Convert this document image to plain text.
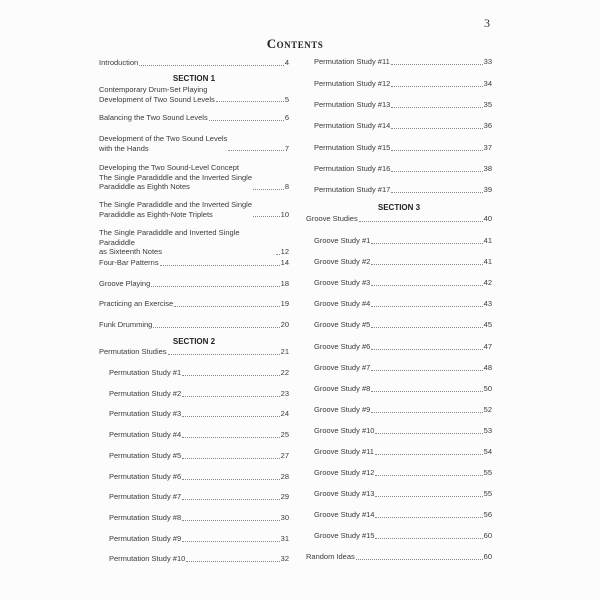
3
Contents
Introduction	4
SECTION 1
Contemporary Drum-Set Playing
Development of Two Sound Levels	5
Balancing the Two Sound Levels	6
Development of the Two Sound Levels
with the Hands	7
Developing the Two Sound-Level Concept
The Single Paradiddle and the Inverted Single
Paradiddle as Eighth Notes	8
The Single Paradiddle and the Inverted Single
Paradiddle as Eighth-Note Triplets	10
The Single Paradiddle and Inverted Single Paradiddle
as Sixteenth Notes	12
Four-Bar Patterns	14
Groove Playing	18
Practicing an Exercise	19
Funk Drumming	20
SECTION 2
Permutation Studies	21
Permutation Study #1	22
Permutation Study #2	23
Permutation Study #3	24
Permutation Study #4	25
Permutation Study #5	27
Permutation Study #6	28
Permutation Study #7	29
Permutation Study #8	30
Permutation Study #9	31
Permutation Study #10	32
Permutation Study #11	33
Permutation Study #12	34
Permutation Study #13	35
Permutation Study #14	36
Permutation Study #15	37
Permutation Study #16	38
Permutation Study #17	39
SECTION 3
Groove Studies	40
Groove Study #1	41
Groove Study #2	41
Groove Study #3	42
Groove Study #4	43
Groove Study #5	45
Groove Study #6	47
Groove Study #7	48
Groove Study #8	50
Groove Study #9	52
Groove Study #10	53
Groove Study #11	54
Groove Study #12	55
Groove Study #13	55
Groove Study #14	56
Groove Study #15	60
Random Ideas	60
